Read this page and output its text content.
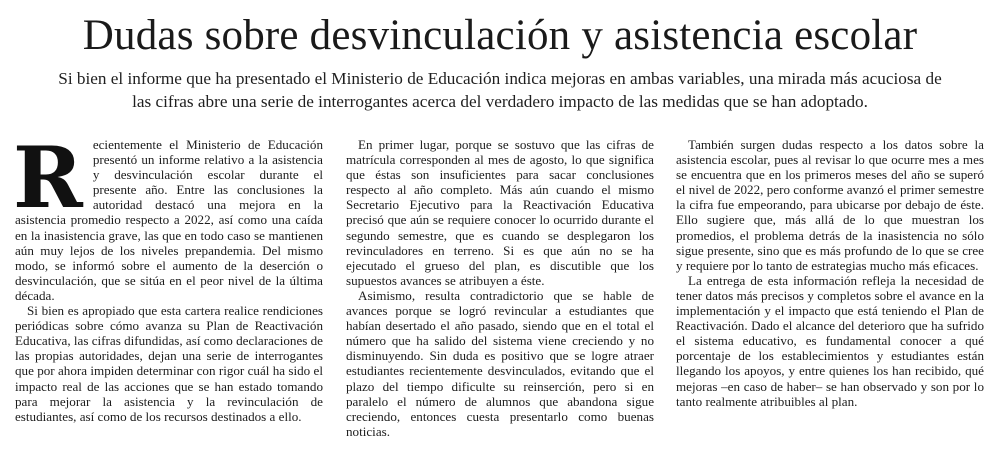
Dudas sobre desvinculación y asistencia escolar

Si bien el informe que ha presentado el Ministerio de Educación indica mejoras en ambas variables, una mirada más acuciosa de
las cifras abre una serie de interrogantes acerca del verdadero impacto de las medidas que se han adoptado.

Recientemente el Ministerio de Educación presentó un informe relativo a la asistencia y desvinculación escolar durante el presente año. Entre las conclusiones la autoridad destacó una mejora en la asistencia promedio respecto a 2022, así como una caída en la inasistencia grave, las que en todo caso se mantienen aún muy lejos de los niveles prepandemia. Del mismo modo, se informó sobre el aumento de la deserción o desvinculación, que se sitúa en el peor nivel de la última década.

Si bien es apropiado que esta cartera realice rendiciones periódicas sobre cómo avanza su Plan de Reactivación Educativa, las cifras difundidas, así como declaraciones de las propias autoridades, dejan una serie de interrogantes que por ahora impiden determinar con rigor cuál ha sido el impacto real de las acciones que se han estado tomando para mejorar la asistencia y la revinculación de estudiantes, así como de los recursos destinados a ello.

En primer lugar, porque se sostuvo que las cifras de matrícula corresponden al mes de agosto, lo que significa que éstas son insuficientes para sacar conclusiones respecto al año completo. Más aún cuando el mismo Secretario Ejecutivo para la Reactivación Educativa precisó que aún se requiere conocer lo ocurrido durante el segundo semestre, que es cuando se desplegaron los revinculadores en terreno. Si es que aún no se ha ejecutado el grueso del plan, es discutible que los supuestos avances se atribuyen a éste.

Asimismo, resulta contradictorio que se hable de avances porque se logró revincular a estudiantes que habían desertado el año pasado, siendo que en el total el número que ha salido del sistema viene creciendo y no disminuyendo. Sin duda es positivo que se logre atraer estudiantes recientemente desvinculados, evitando que el plazo del tiempo dificulte su reinserción, pero si en paralelo el número de alumnos que abandona sigue creciendo, entonces cuesta presentarlo como buenas noticias.

También surgen dudas respecto a los datos sobre la asistencia escolar, pues al revisar lo que ocurre mes a mes se encuentra que en los primeros meses del año se superó el nivel de 2022, pero conforme avanzó el primer semestre la cifra fue empeorando, para ubicarse por debajo de éste. Ello sugiere que, más allá de lo que muestran los promedios, el problema detrás de la inasistencia no sólo sigue presente, sino que es más profundo de lo que se cree y requiere por lo tanto de estrategias mucho más eficaces.

La entrega de esta información refleja la necesidad de tener datos más precisos y completos sobre el avance en la implementación y el impacto que está teniendo el Plan de Reactivación. Dado el alcance del deterioro que ha sufrido el sistema educativo, es fundamental conocer a qué porcentaje de los establecimientos y estudiantes están llegando los apoyos, y entre quienes los han recibido, qué mejoras –en caso de haber– se han observado y son por lo tanto realmente atribuibles al plan.
